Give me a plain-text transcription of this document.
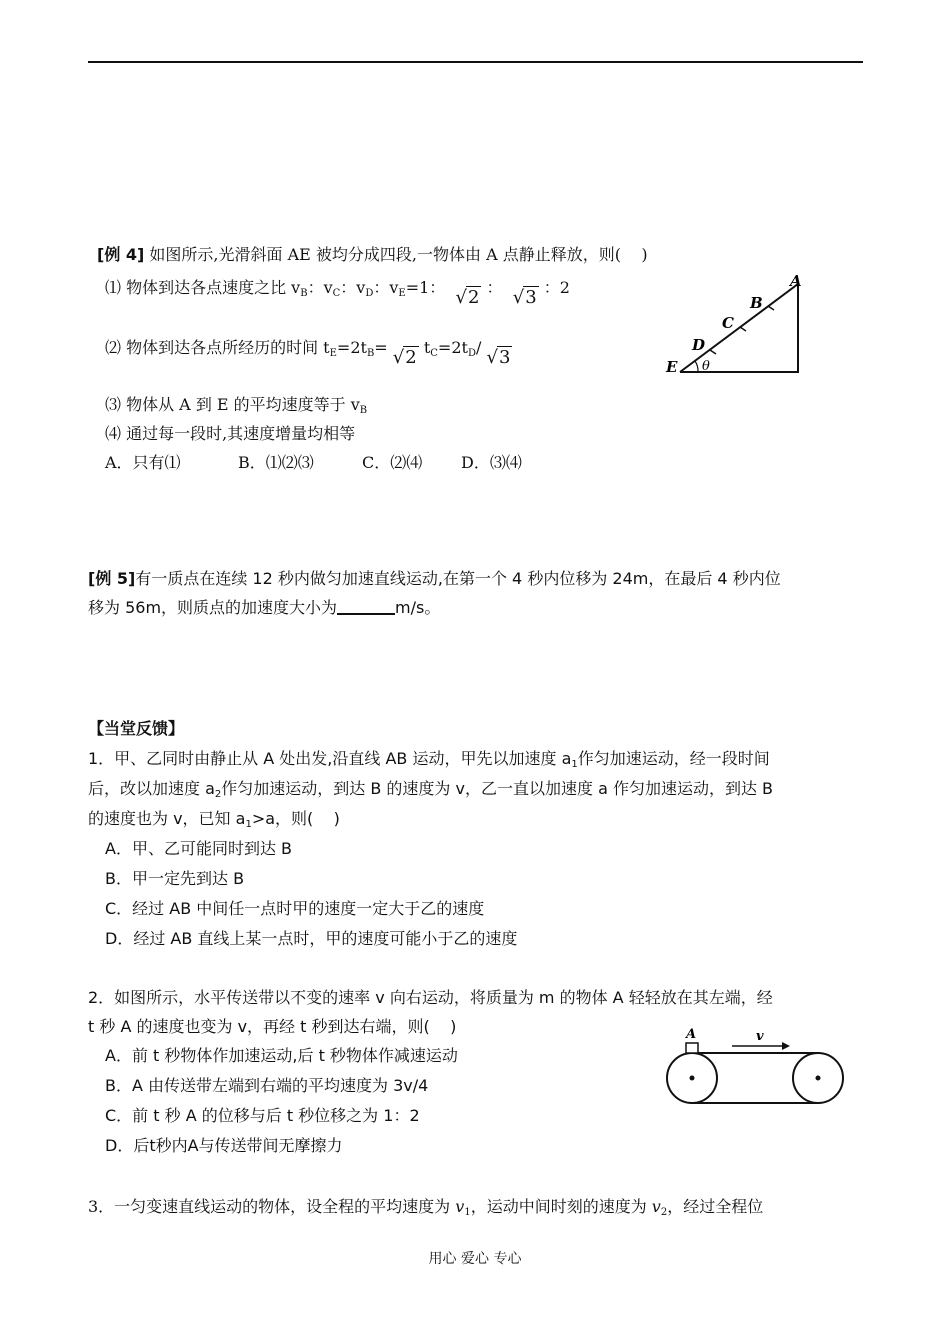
[例 4] 如图所示,光滑斜面 AE 被均分成四段,一物体由 A 点静止释放，则(    )
⑴ 物体到达各点速度之比 $v_B$：$v_C$：$v_D$：$v_E=1$： √2 ： √3 ：2
⑵ 物体到达各点所经历的时间 $t_E=2t_B= √2$ $t_C=2t_D/$ √3
⑶ 物体从 A 到 E 的平均速度等于 $v_B$
⑷ 通过每一段时,其速度增量均相等
A．只有⑴	B．⑴⑵⑶	C．⑵⑷ D．⑶⑷
E
D
C
B
A
θ
[例 5]有一质点在连续 12 秒内做匀加速直线运动,在第一个 4 秒内位移为 24m，在最后 4 秒内位
移为 56m，则质点的加速度大小为	m/s。
【当堂反馈】
1．甲、乙同时由静止从 A 处出发,沿直线 AB 运动，甲先以加速度 $a_1$作匀加速运动，经一段时间
后，改以加速度 $a_2$作匀加速运动，到达 B 的速度为 v，乙一直以加速度 a 作匀加速运动，到达 B
的速度也为 v，已知 $a_1>a$，则(    )
A．甲、乙可能同时到达 B
B．甲一定先到达 B
C．经过 AB 中间任一点时甲的速度一定大于乙的速度
D．经过 AB 直线上某一点时，甲的速度可能小于乙的速度
2．如图所示，水平传送带以不变的速率 v 向右运动，将质量为 m 的物体 A 轻轻放在其左端，经
t 秒 A 的速度也变为 v，再经 t 秒到达右端，则(    )
A．前 t 秒物体作加速运动,后 t 秒物体作减速运动
B．A 由传送带左端到右端的平均速度为 3v/4
C．前 t 秒 A 的位移与后 t 秒位移之为 1：2
D．后t秒内A与传送带间无摩擦力
A	v
3．一匀变速直线运动的物体，设全程的平均速度为 $v_1$，运动中间时刻的速度为 $v_2$，经过全程位
用心 爱心 专心
